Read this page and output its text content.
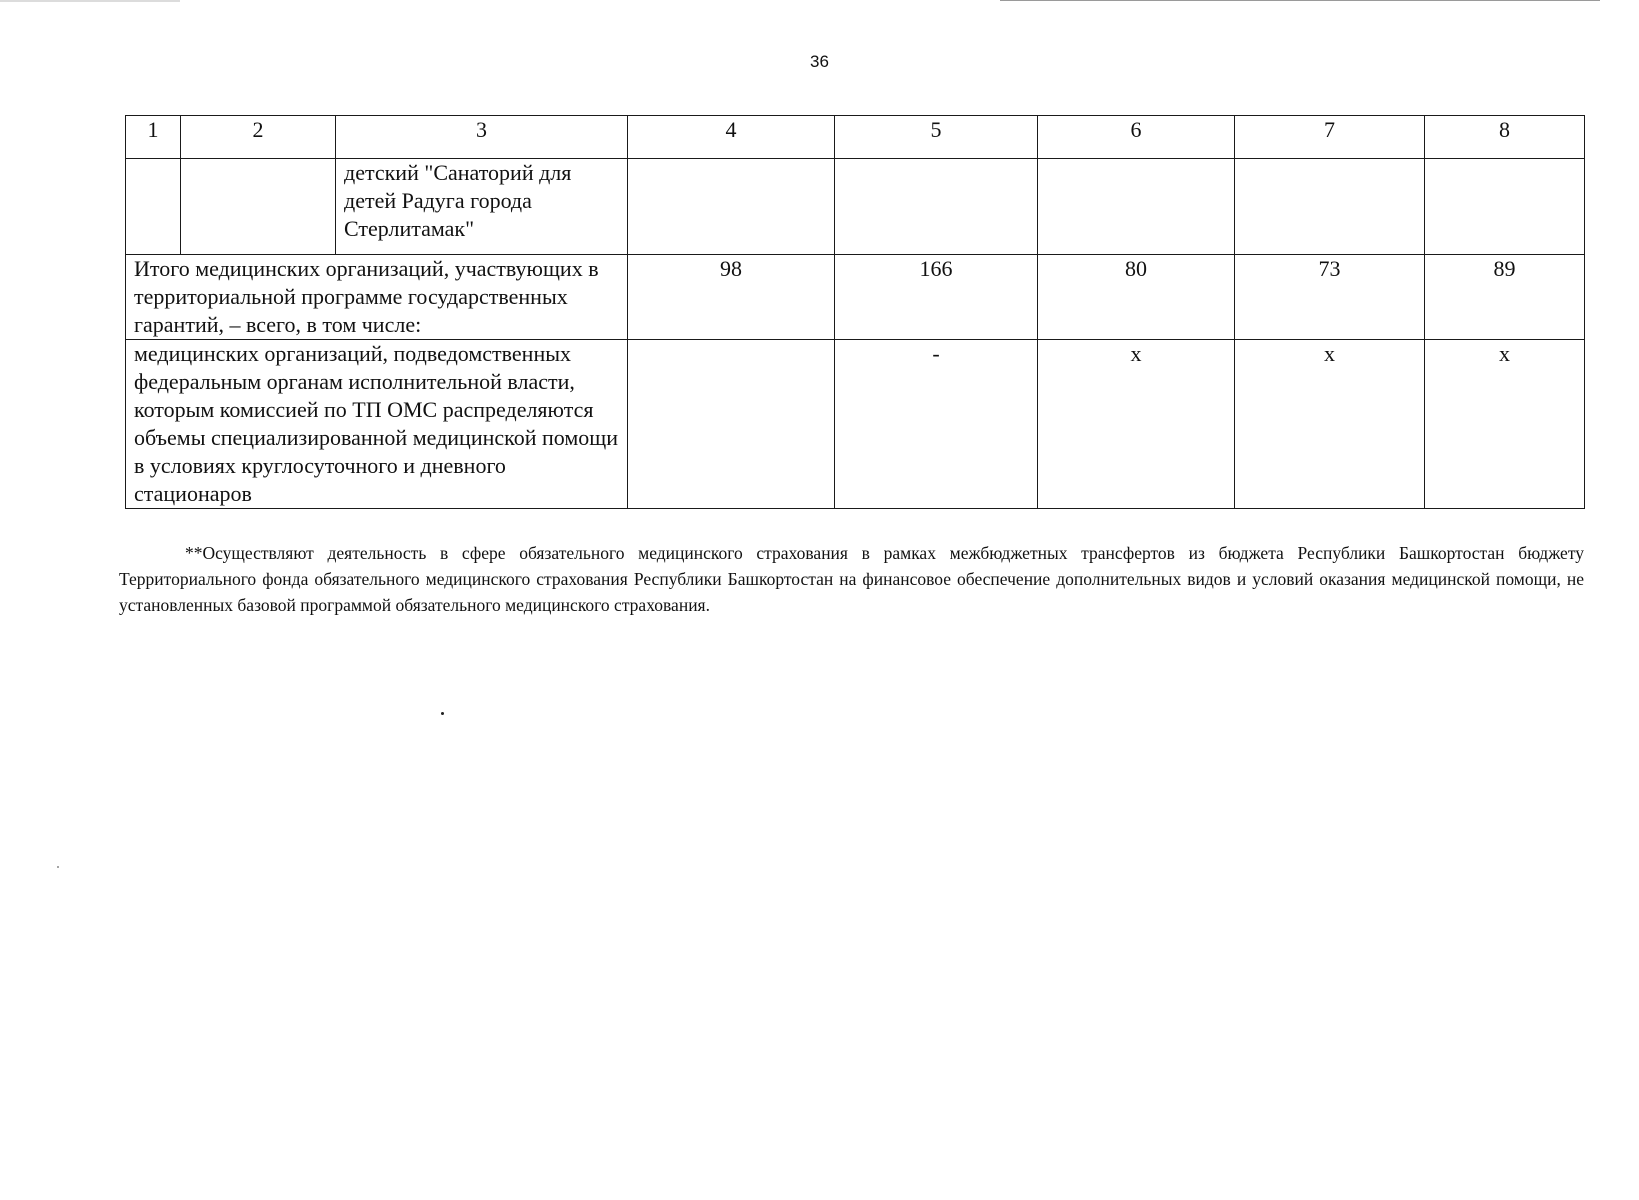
36
1	2	3	4	5	6	7	8
		детский "Санаторий для детей Радуга города Стерлитамак"					
Итого медицинских организаций, участвующих в территориальной программе государственных гарантий, – всего, в том числе:			98	166	80	73	89
медицинских организаций, подведомственных федеральным органам исполнительной власти, которым комиссией по ТП ОМС распределяются объемы специализированной медицинской помощи в условиях круглосуточного и дневного стационаров				-	х	х	х
**Осуществляют деятельность в сфере обязательного медицинского страхования в рамках межбюджетных трансфертов из бюджета Республики Башкортостан бюджету Территориального фонда обязательного медицинского страхования Республики Башкортостан на финансовое обеспечение дополнительных видов и условий оказания медицинской помощи, не установленных базовой программой обязательного медицинского страхования.
